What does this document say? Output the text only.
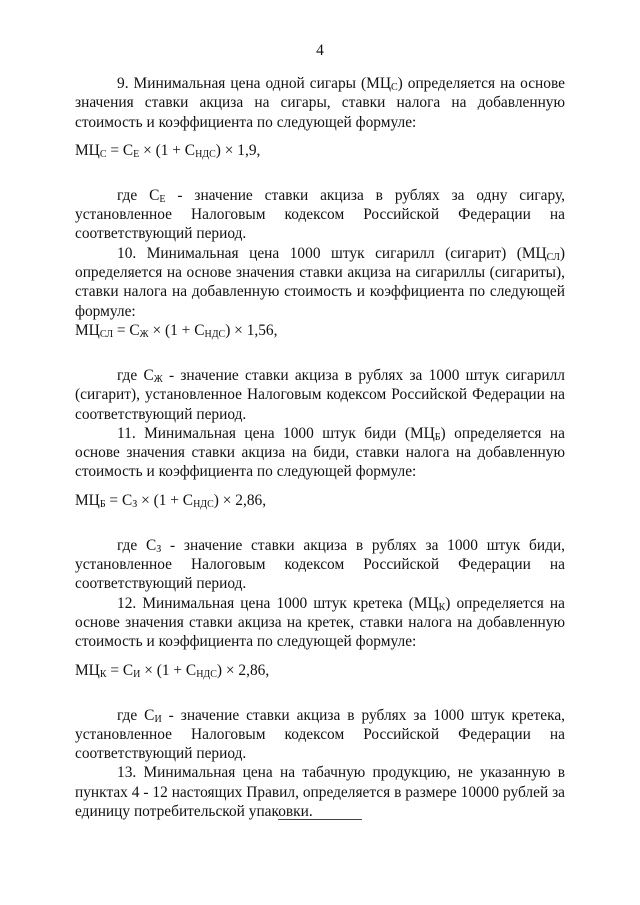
4

9. Минимальная цена одной сигары $(МЦ_С)$ определяется на основе значения ставки акциза на сигары, ставки налога на добавленную стоимость и коэффициента по следующей формуле:

$МЦ_С = С_Е \times (1 + С_{НДС}) \times 1,9$,

где $С_Е$ - значение ставки акциза в рублях за одну сигару, установленное Налоговым кодексом Российской Федерации на соответствующий период.

10. Минимальная цена 1000 штук сигарилл (сигарит) $(МЦ_{СЛ})$ определяется на основе значения ставки акциза на сигариллы (сигариты), ставки налога на добавленную стоимость и коэффициента по следующей формуле:

$МЦ_{СЛ} = С_Ж \times (1 + С_{НДС}) \times 1,56$,

где $С_Ж$ - значение ставки акциза в рублях за 1000 штук сигарилл (сигарит), установленное Налоговым кодексом Российской Федерации на соответствующий период.

11. Минимальная цена 1000 штук биди $(МЦ_Б)$ определяется на основе значения ставки акциза на биди, ставки налога на добавленную стоимость и коэффициента по следующей формуле:

$МЦ_Б = С_З \times (1 + С_{НДС}) \times 2,86$,

где $С_З$ - значение ставки акциза в рублях за 1000 штук биди, установленное Налоговым кодексом Российской Федерации на соответствующий период.

12. Минимальная цена 1000 штук кретека $(МЦ_К)$ определяется на основе значения ставки акциза на кретек, ставки налога на добавленную стоимость и коэффициента по следующей формуле:

$МЦ_К = С_И \times (1 + С_{НДС}) \times 2,86$,

где $С_И$ - значение ставки акциза в рублях за 1000 штук кретека, установленное Налоговым кодексом Российской Федерации на соответствующий период.

13. Минимальная цена на табачную продукцию, не указанную в пунктах 4 - 12 настоящих Правил, определяется в размере 10000 рублей за единицу потребительской упаковки.
